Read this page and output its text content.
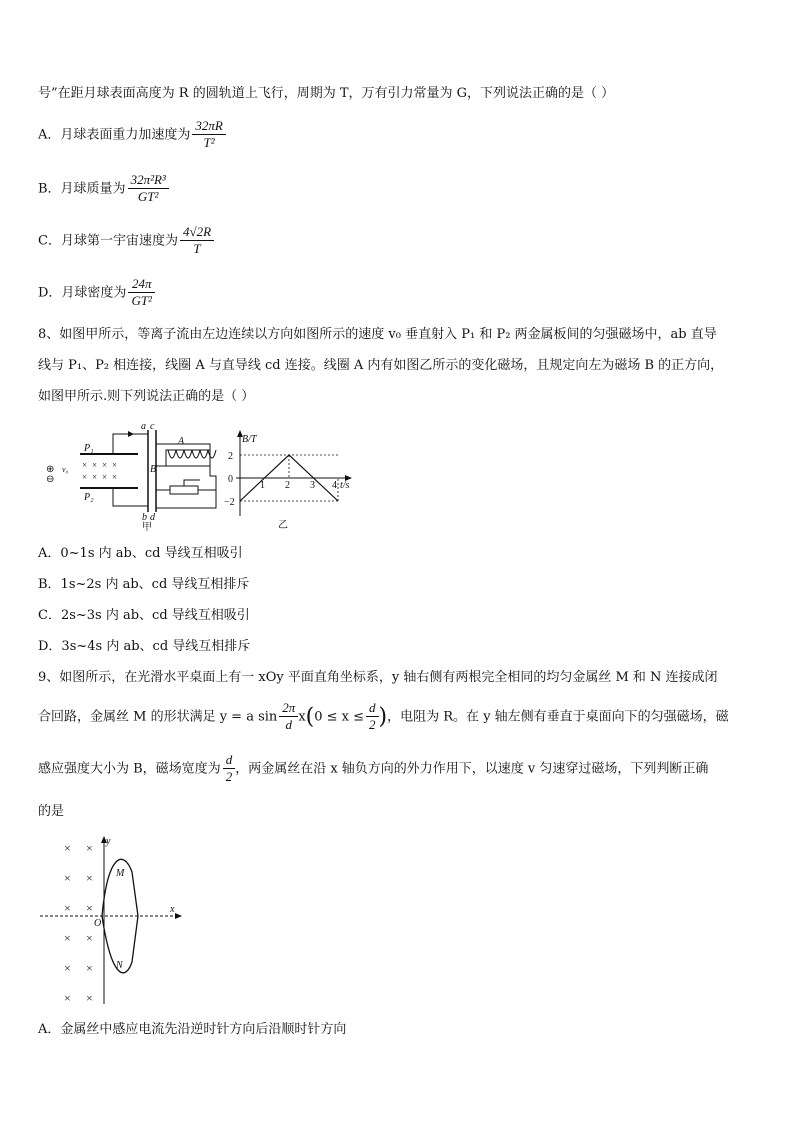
号”在距月球表面高度为 R 的圆轨道上飞行，周期为 T，万有引力常量为 G，下列说法正确的是（ ）
A．月球表面重力加速度为 $\frac{32\pi R}{\text{T²}}$
B．月球质量为 $\frac{\text{32π²R³}}{\text{GT²}}$
C．月球第一宇宙速度为 $\frac{4√2R}{T}$
D．月球密度为 $\frac{24\pi}{\text{GT²}}$
8、如图甲所示，等离子流由左边连续以方向如图所示的速度 v₀ 垂直射入 P₁ 和 P₂ 两金属板间的匀强磁场中，ab 直导
线与 P₁、P₂ 相连接，线圈 A 与直导线 cd 连接。线圈 A 内有如图乙所示的变化磁场，且规定向左为磁场 B 的正方向，
如图甲所示.则下列说法正确的是（ ）
a c
b d
甲
A
B
P₁
P₂
⊕
⊖
v₀ × × × ×
× × × ×
B/T
t/s
2
0
−2
1 2 3 4
乙
A．0~1s 内 ab、cd 导线互相吸引
B．1s~2s 内 ab、cd 导线互相排斥
C．2s~3s 内 ab、cd 导线互相吸引
D．3s~4s 内 ab、cd 导线互相排斥
9、如图所示，在光滑水平桌面上有一 xOy 平面直角坐标系，y 轴右侧有两根完全相同的均匀金属丝 M 和 N 连接成闭
合回路，金属丝 M 的形状满足 y = a $\sin \frac{2\pi}{d} x(0 \le x \le \frac{d}{2}$ )，电阻为 R。在 y 轴左侧有垂直于桌面向下的匀强磁场，磁
感应强度大小为 B，磁场宽度为 $\frac{d}{2}$ ，两金属丝在沿 x 轴负方向的外力作用下，以速度 v 匀速穿过磁场，下列判断正确
的是
y
x
O
M
N
× ×
× ×
× ×
× ×
× ×
× ×
A．金属丝中感应电流先沿逆时针方向后沿顺时针方向
